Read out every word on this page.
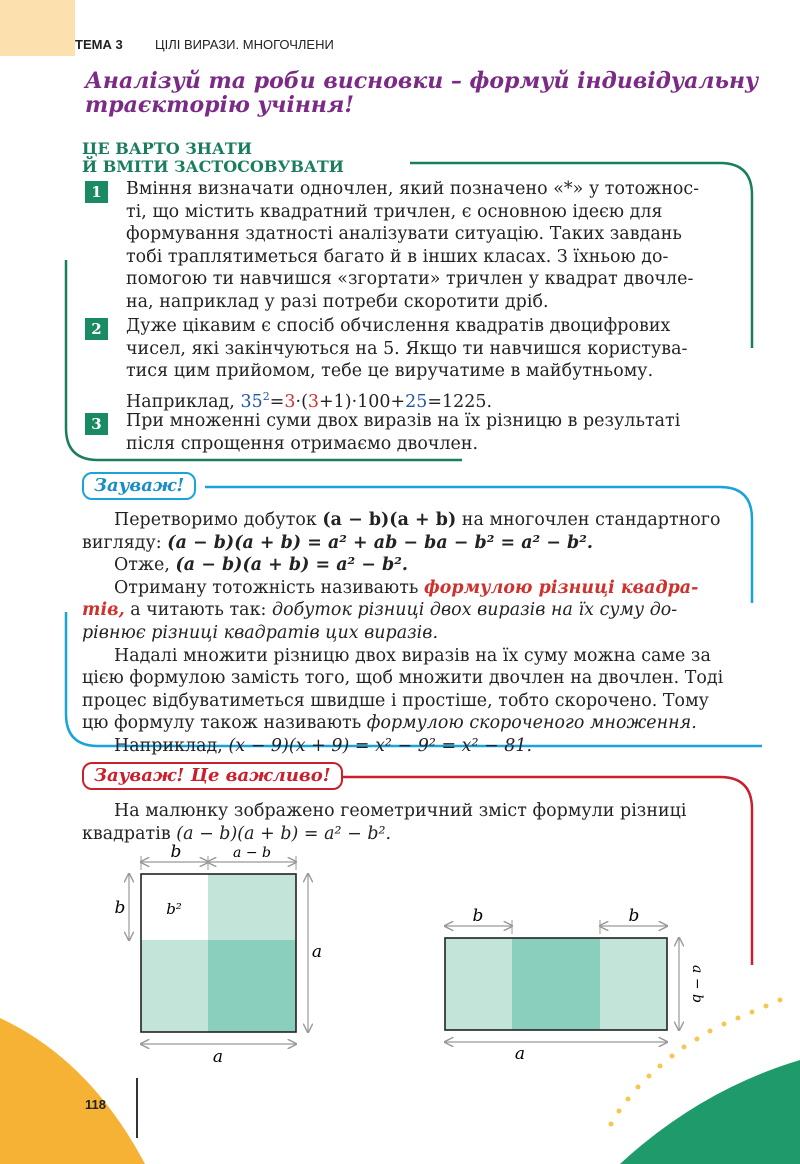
ТЕМА 3 ЦІЛІ ВИРАЗИ. МНОГОЧЛЕНИ
Аналізуй та роби висновки – формуй індивідуальну
траєкторію учіння!
ЦЕ ВАРТО ЗНАТИ
Й ВМІТИ ЗАСТОСОВУВАТИ
1	Вміння визначати одночлен, який позначено «*» у тотожнос-
ті, що містить квадратний тричлен, є основною ідеєю для
формування здатності аналізувати ситуацію. Таких завдань
тобі траплятиметься багато й в інших класах. З їхньою до-
помогою ти навчишся «згортати» тричлен у квадрат двочле-
на, наприклад у разі потреби скоротити дріб.
2	Дуже цікавим є спосіб обчислення квадратів двоцифрових
чисел, які закінчуються на 5. Якщо ти навчишся користува-
тися цим прийомом, тебе це виручатиме в майбутньому.
Наприклад, $35^2=3\cdot(3+1)\cdot 100+25=1225$.
3	При множенні суми двох виразів на їх різницю в результаті
після спрощення отримаємо двочлен.
Зауваж!
Перетворимо добуток (a − b)(a + b) на многочлен стандартного
вигляду: (a − b)(a + b) = a² + ab − ba − b² = a² − b².
Отже, (a − b)(a + b) = a² − b².
Отриману тотожність називають формулою різниці квадра-
тів, а читають так: добуток різниці двох виразів на їх суму до-
рівнює різниці квадратів цих виразів.
Надалі множити різницю двох виразів на їх суму можна саме за
цією формулою замість того, щоб множити двочлен на двочлен. Тоді
процес відбуватиметься швидше і простіше, тобто скорочено. Тому
цю формулу також називають формулою скороченого множення.
Наприклад, (x − 9)(x + 9) = x² − 9² = x² − 81.
Зауваж! Це важливо!
На малюнку зображено геометричний зміст формули різниці
квадратів (a − b)(a + b) = a² − b².
b	a − b
b	b²
a
a
b	b
a − b
a
118
